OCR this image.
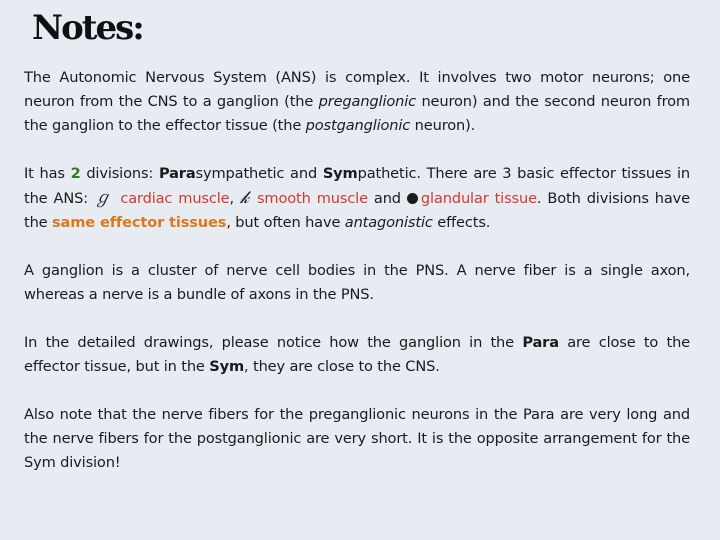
Notes:

The Autonomic Nervous System (ANS) is complex. It involves two motor neurons; one neuron from the CNS to a ganglion (the preganglionic neuron) and the second neuron from the ganglion to the effector tissue (the postganglionic neuron).

It has 2 divisions: Parasympathetic and Sympathetic. There are 3 basic effector tissues in the ANS: ℊ cardiac muscle, 𝓀 smooth muscle and glandular tissue. Both divisions have the same effector tissues, but often have antagonistic effects.

A ganglion is a cluster of nerve cell bodies in the PNS. A nerve fiber is a single axon, whereas a nerve is a bundle of axons in the PNS.

In the detailed drawings, please notice how the ganglion in the Para are close to the effector tissue, but in the Sym, they are close to the CNS.

Also note that the nerve fibers for the preganglionic neurons in the Para are very long and the nerve fibers for the postganglionic are very short. It is the opposite arrangement for the Sym division!
